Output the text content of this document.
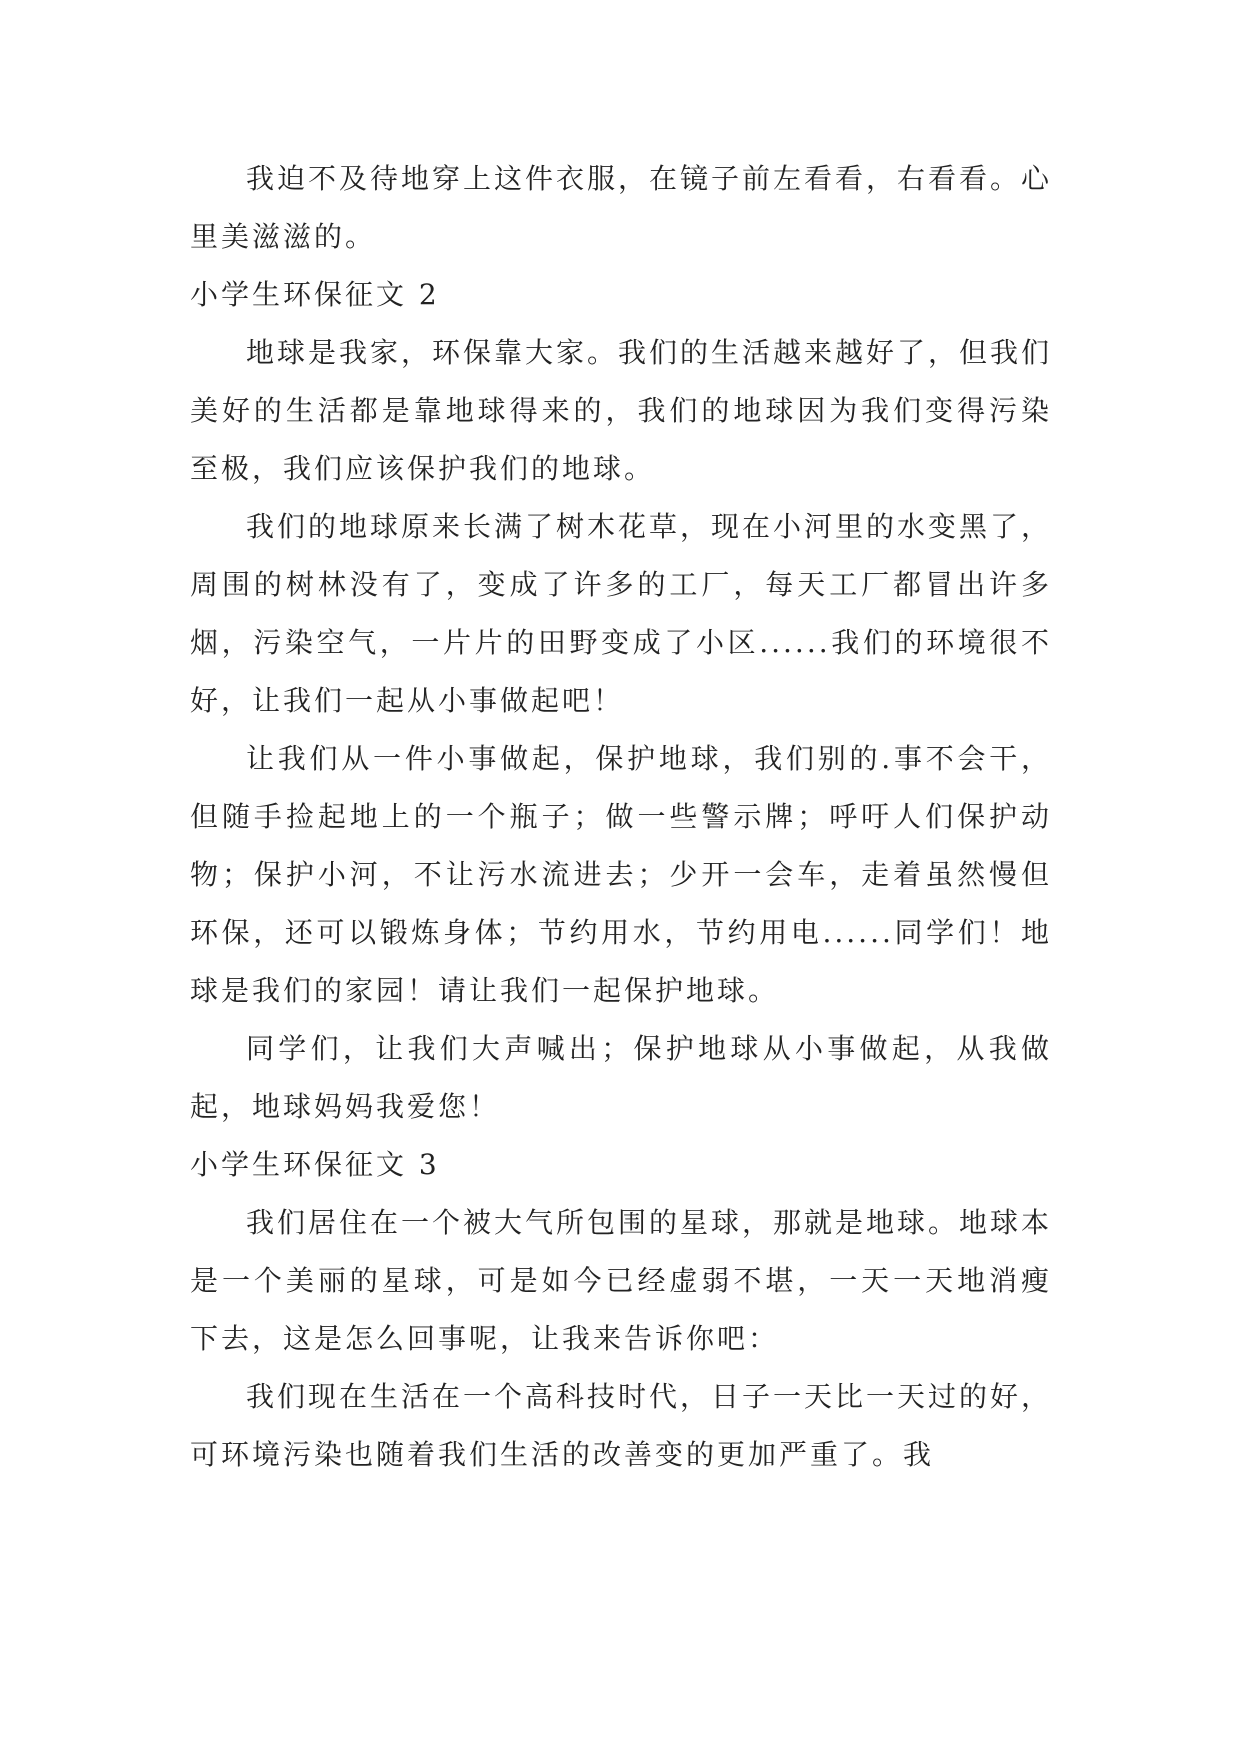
我迫不及待地穿上这件衣服，在镜子前左看看，右看看。心里美滋滋的。

小学生环保征文 2

地球是我家，环保靠大家。我们的生活越来越好了，但我们美好的生活都是靠地球得来的，我们的地球因为我们变得污染至极，我们应该保护我们的地球。

我们的地球原来长满了树木花草，现在小河里的水变黑了，周围的树林没有了，变成了许多的工厂，每天工厂都冒出许多烟，污染空气，一片片的田野变成了小区......我们的环境很不好，让我们一起从小事做起吧！

让我们从一件小事做起，保护地球，我们别的.事不会干，但随手捡起地上的一个瓶子；做一些警示牌；呼吁人们保护动物；保护小河，不让污水流进去；少开一会车，走着虽然慢但环保，还可以锻炼身体；节约用水，节约用电......同学们！地球是我们的家园！请让我们一起保护地球。

同学们，让我们大声喊出；保护地球从小事做起，从我做起，地球妈妈我爱您！

小学生环保征文 3

我们居住在一个被大气所包围的星球，那就是地球。地球本是一个美丽的星球，可是如今已经虚弱不堪，一天一天地消瘦下去，这是怎么回事呢，让我来告诉你吧：

我们现在生活在一个高科技时代，日子一天比一天过的好，可环境污染也随着我们生活的改善变的更加严重了。我
